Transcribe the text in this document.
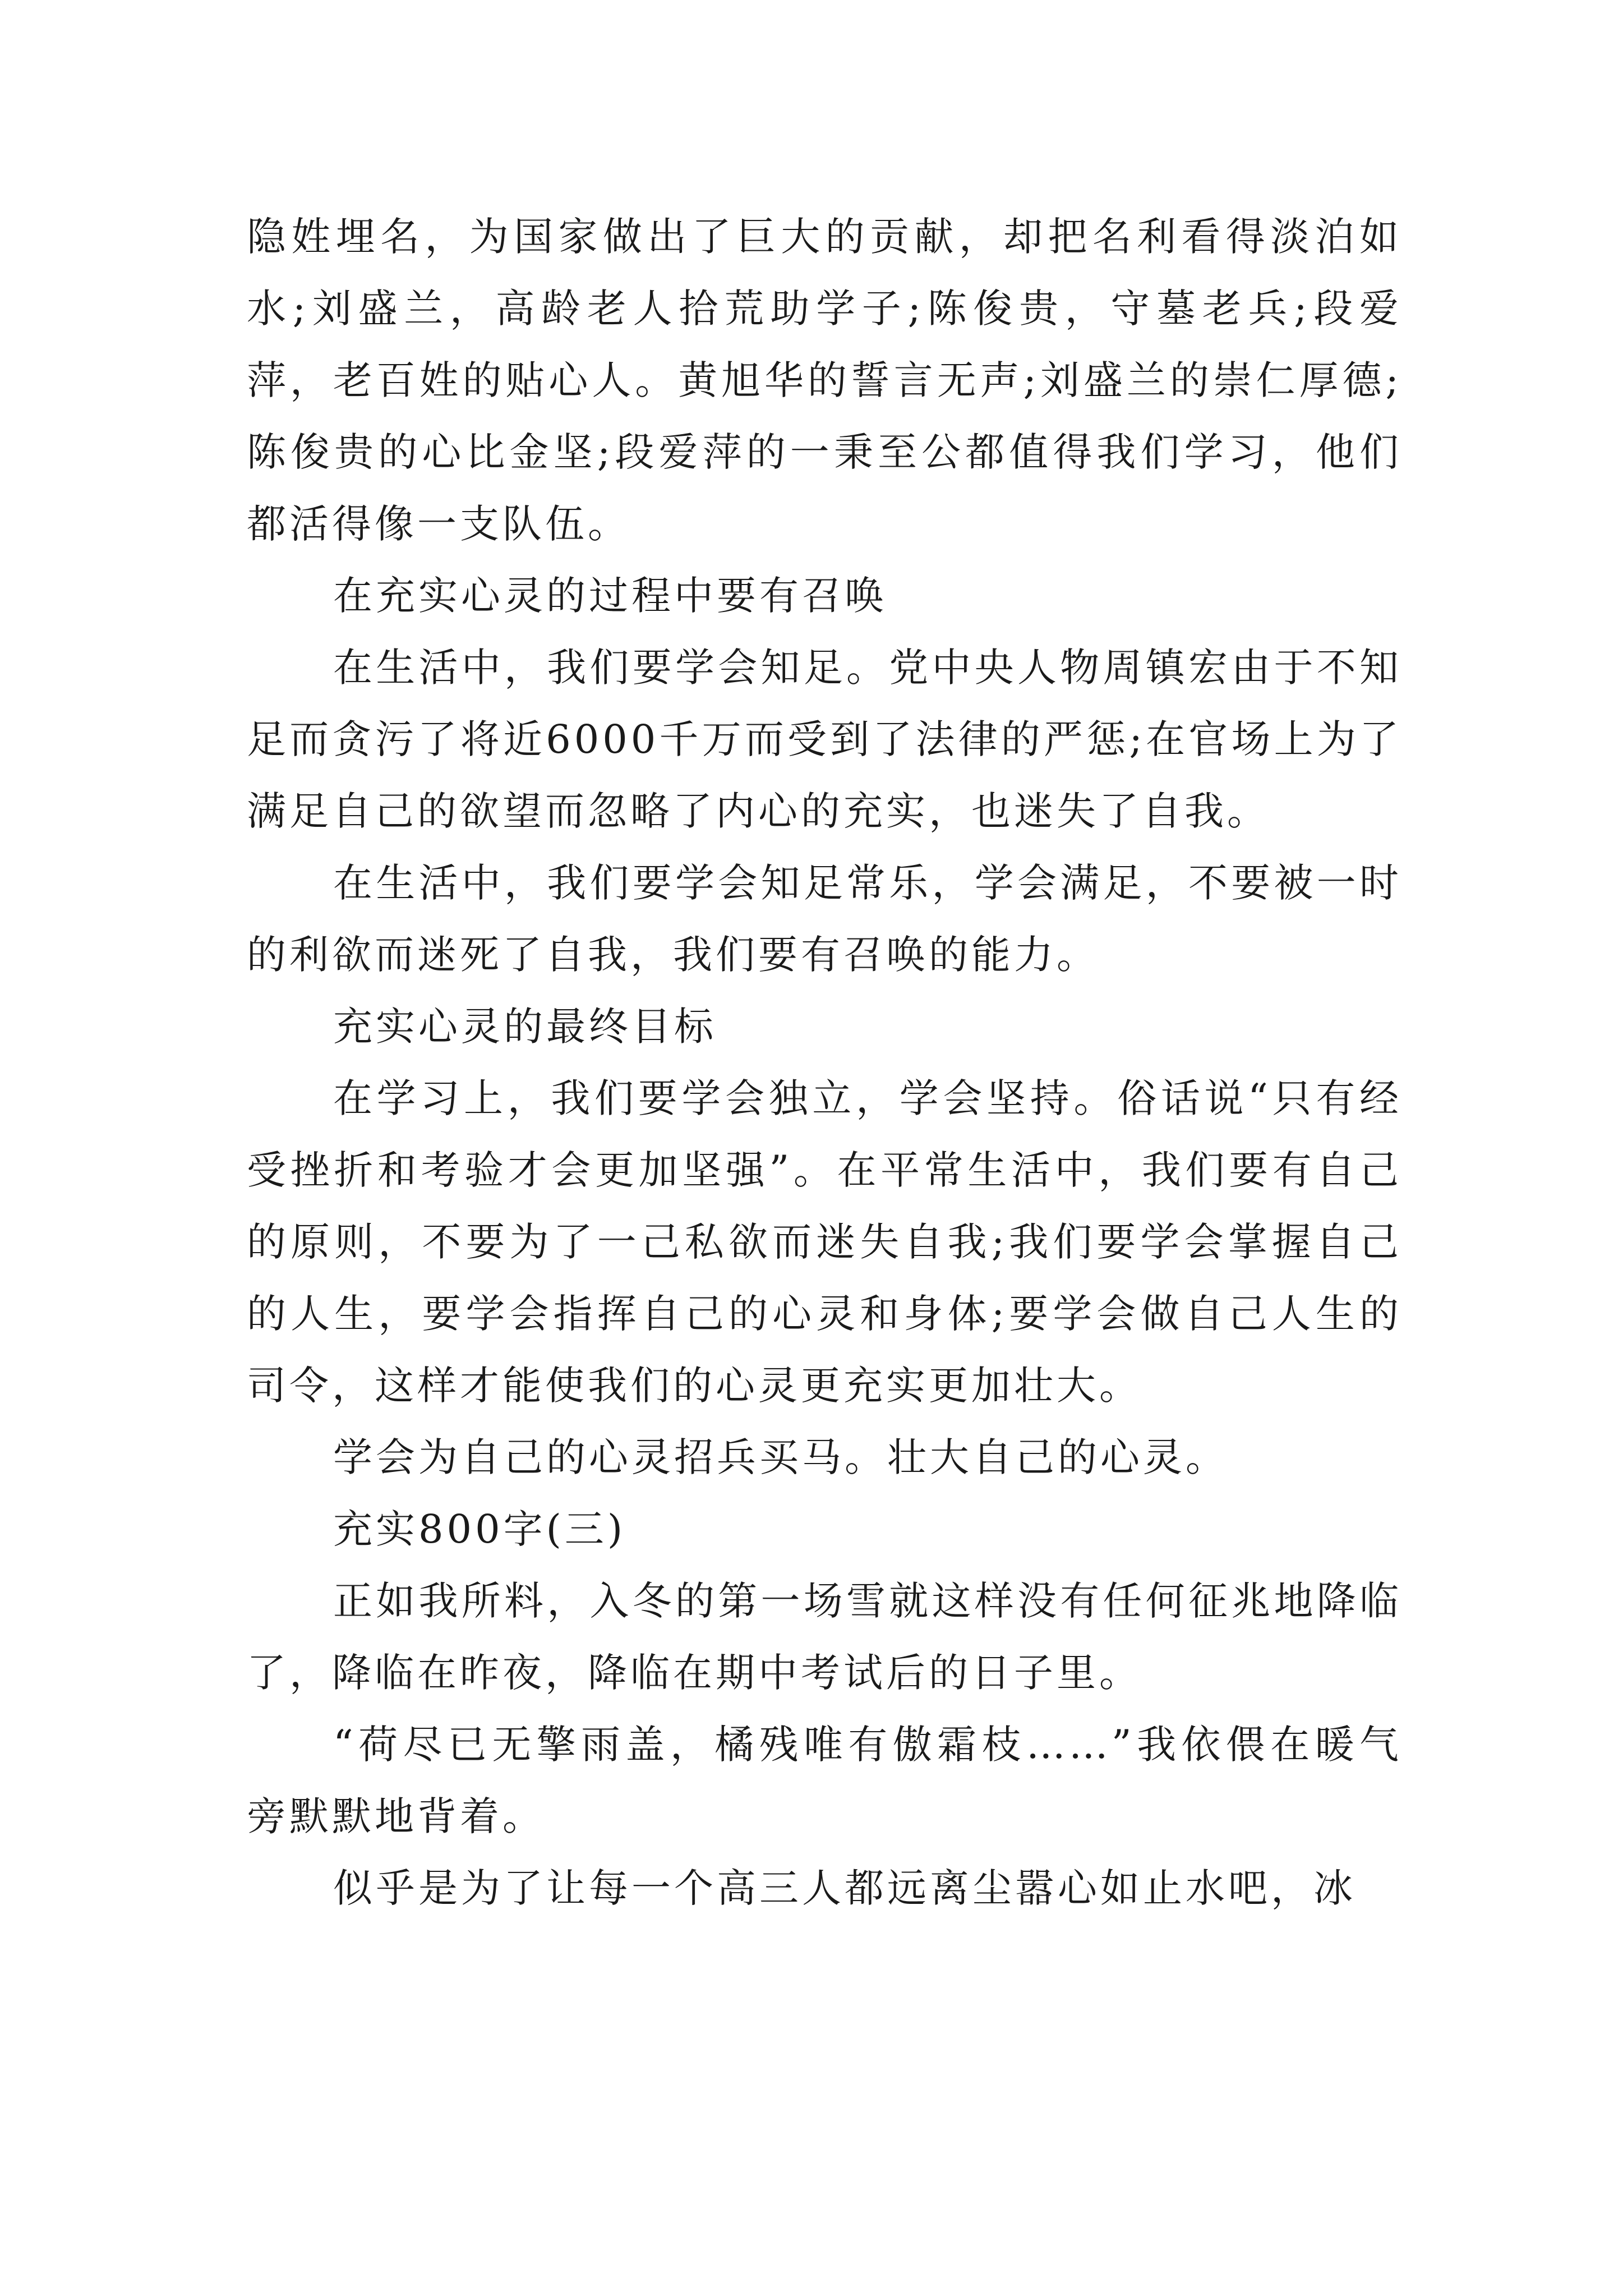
隐姓埋名，为国家做出了巨大的贡献，却把名利看得淡泊如水;刘盛兰，高龄老人拾荒助学子;陈俊贵，守墓老兵;段爱萍，老百姓的贴心人。黄旭华的誓言无声;刘盛兰的崇仁厚德;陈俊贵的心比金坚;段爱萍的一秉至公都值得我们学习，他们都活得像一支队伍。

在充实心灵的过程中要有召唤

在生活中，我们要学会知足。党中央人物周镇宏由于不知足而贪污了将近6000千万而受到了法律的严惩;在官场上为了满足自己的欲望而忽略了内心的充实，也迷失了自我。

在生活中，我们要学会知足常乐，学会满足，不要被一时的利欲而迷死了自我，我们要有召唤的能力。

充实心灵的最终目标

在学习上，我们要学会独立，学会坚持。俗话说“只有经受挫折和考验才会更加坚强”。在平常生活中，我们要有自己的原则，不要为了一己私欲而迷失自我;我们要学会掌握自己的人生，要学会指挥自己的心灵和身体;要学会做自己人生的司令，这样才能使我们的心灵更充实更加壮大。

学会为自己的心灵招兵买马。壮大自己的心灵。

充实800字(三)

正如我所料，入冬的第一场雪就这样没有任何征兆地降临了，降临在昨夜，降临在期中考试后的日子里。

“荷尽已无擎雨盖，橘残唯有傲霜枝……”我依偎在暖气旁默默地背着。

似乎是为了让每一个高三人都远离尘嚣心如止水吧，冰
